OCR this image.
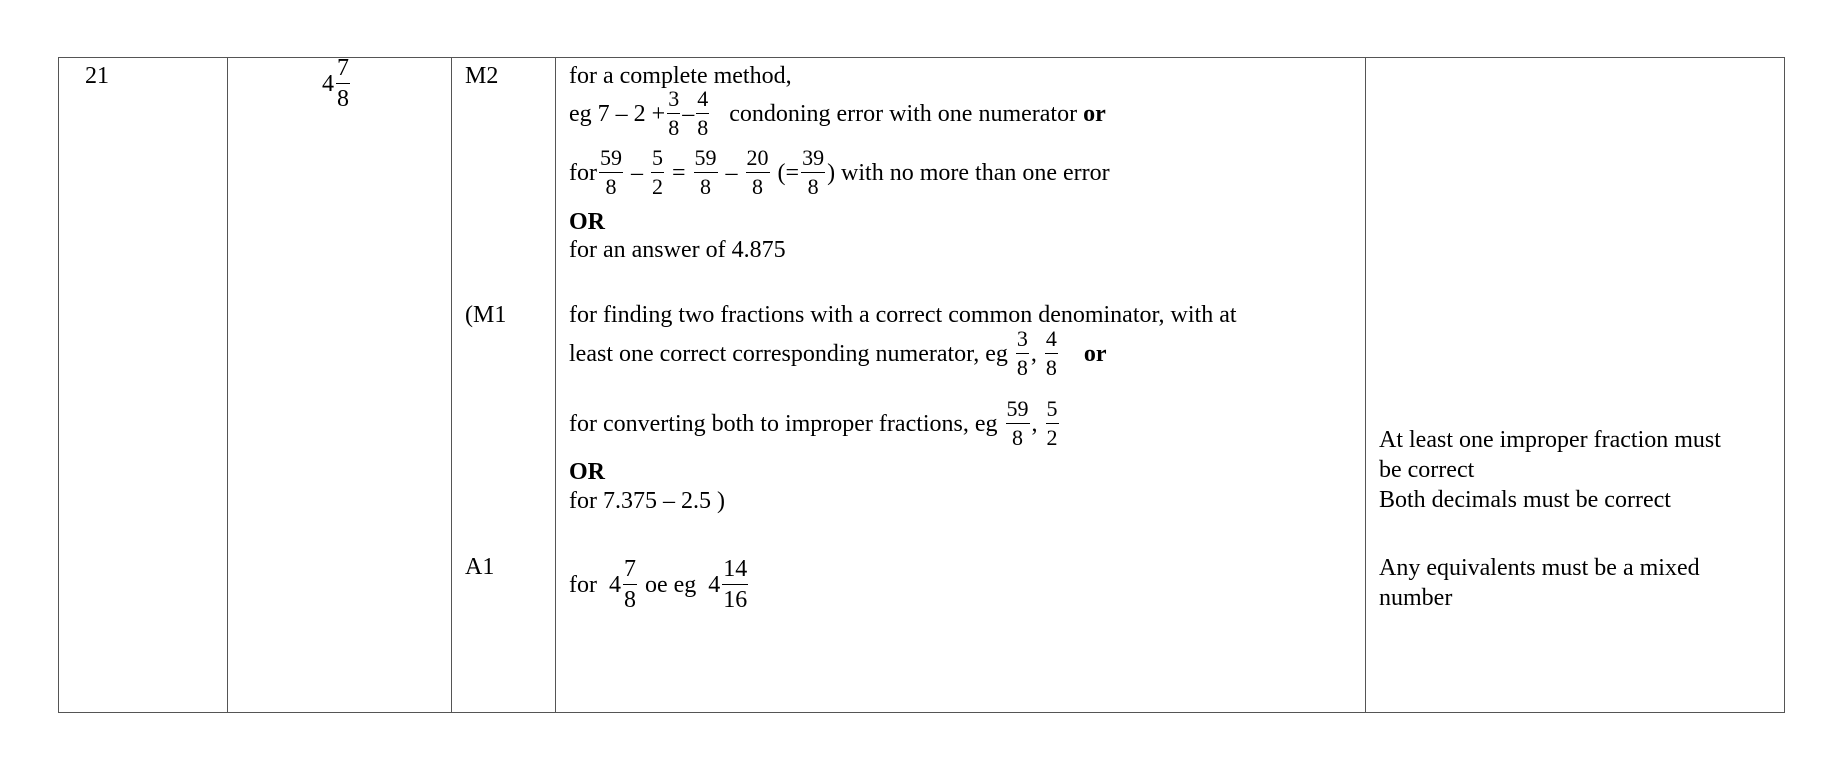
21	$4 \frac{7}{8}$	M2
(M1
A1
for a complete method,
eg $7 - 2 + \frac{3}{8} - \frac{4}{8}$ condoning error with one numerator or
for $\frac{59}{8} - \frac{5}{2} = \frac{59}{8} - \frac{20}{8}$ (= $\frac{39}{8}$ ) with no more than one error
OR
for an answer of 4.875
for finding two fractions with a correct common denominator, with at
least one correct corresponding numerator, eg $\frac{3}{8}$ , $\frac{4}{8}$ or
for converting both to improper fractions, eg $\frac{59}{8}$ , $\frac{5}{2}$
OR
for 7.375 – 2.5 )
for $4 \frac{7}{8}$ oe eg $4 \frac{14}{16}$
At least one improper fraction must
be correct
Both decimals must be correct
Any equivalents must be a mixed
number
